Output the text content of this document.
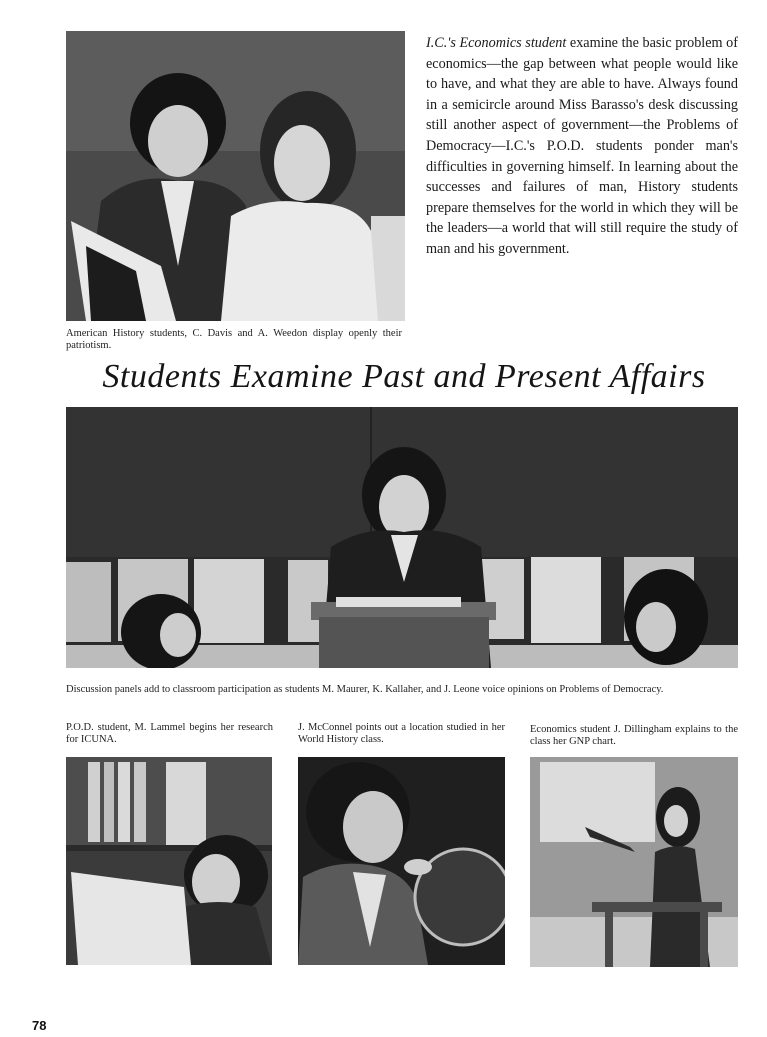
American History students, C. Davis and A. Weedon display openly their patriotism.
I.C.'s Economics student examine the basic problem of economics—the gap between what people would like to have, and what they are able to have. Always found in a semicircle around Miss Barasso's desk discussing still another aspect of government—the Problems of Democracy—I.C.'s P.O.D. students ponder man's difficulties in governing himself. In learning about the successes and failures of man, History students prepare themselves for the world in which they will be the leaders—a world that will still require the study of man and his government.
Students Examine Past and Present Affairs
Discussion panels add to classroom participation as students M. Maurer, K. Kallaher, and J. Leone voice opinions on Problems of Democracy.
P.O.D. student, M. Lammel begins her research for ICUNA.
J. McConnel points out a location studied in her World History class.
Economics student J. Dillingham explains to the class her GNP chart.
78
